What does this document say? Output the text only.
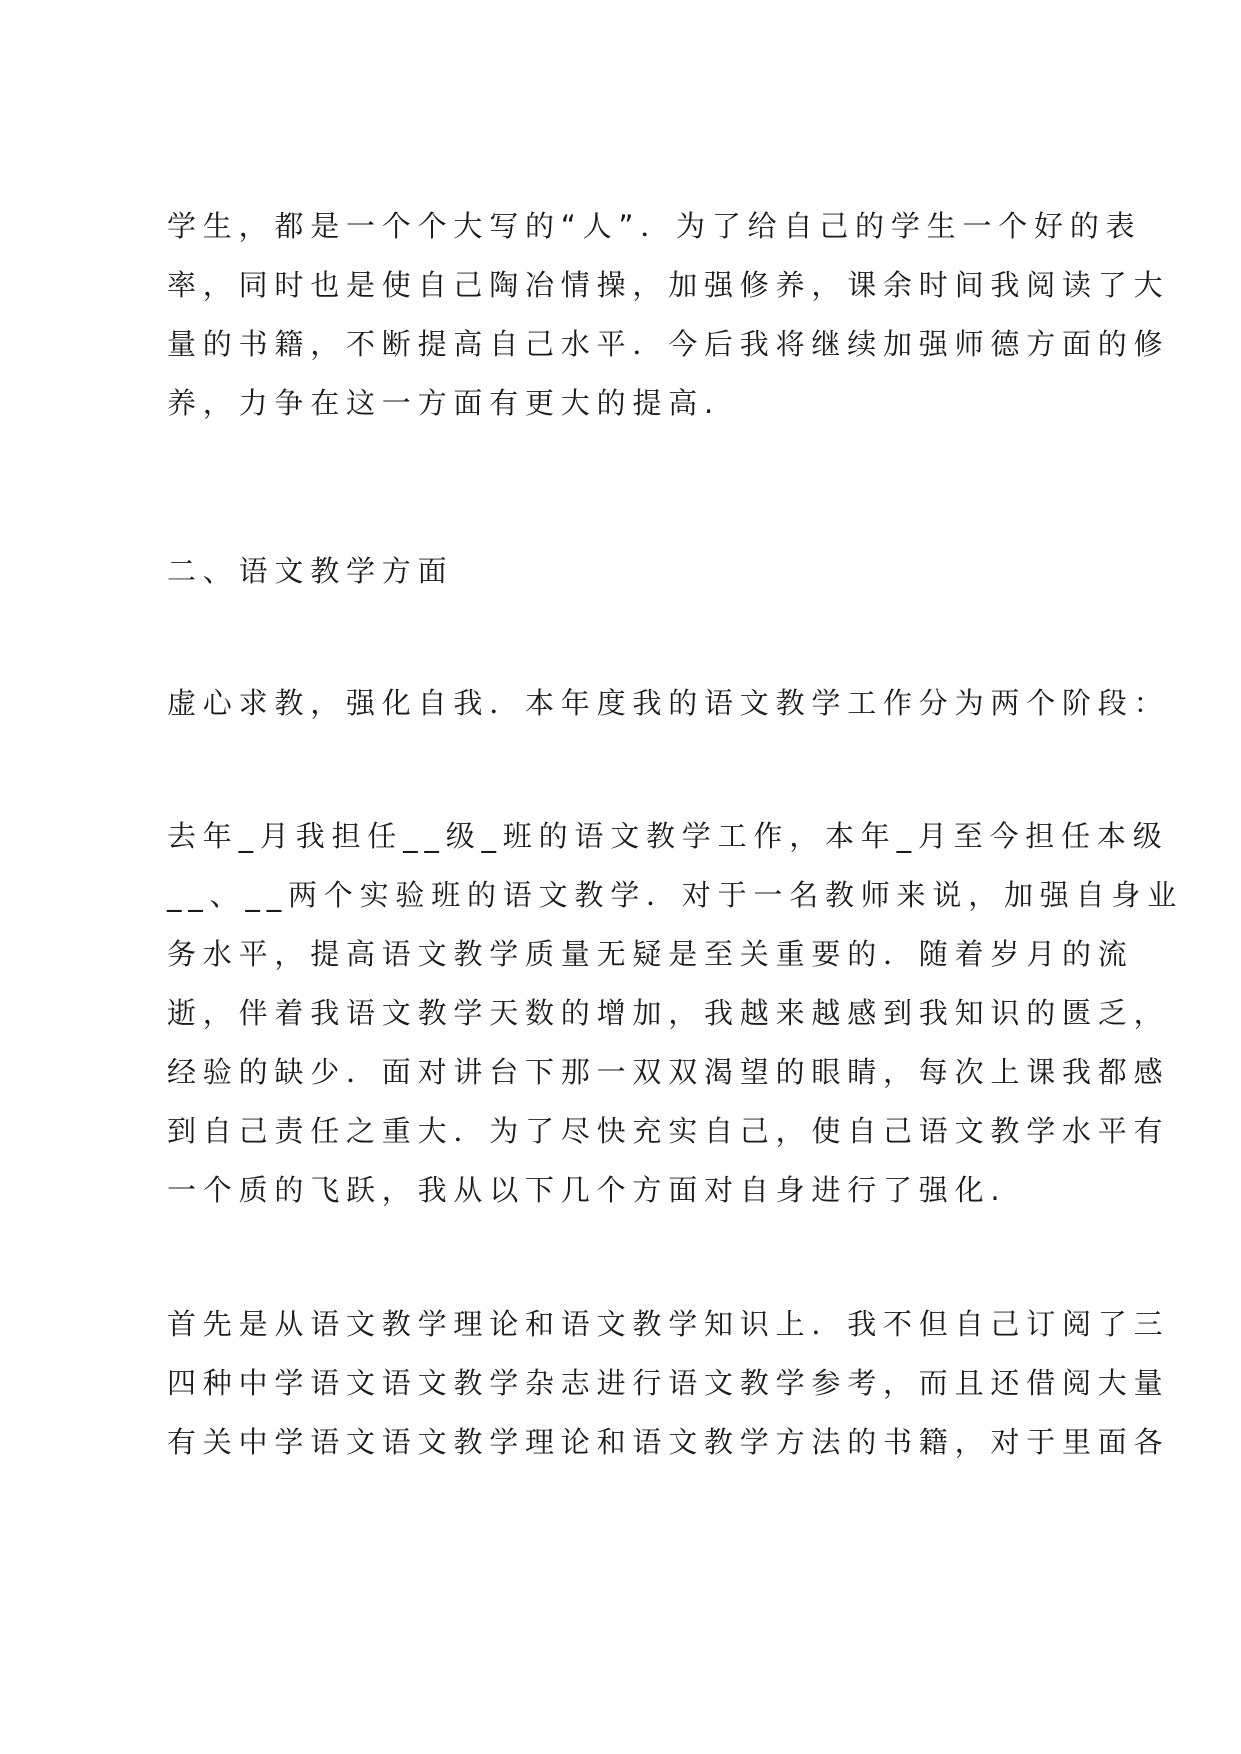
学生，都是一个个大写的“人”．为了给自己的学生一个好的表

率，同时也是使自己陶冶情操，加强修养，课余时间我阅读了大

量的书籍，不断提高自己水平．今后我将继续加强师德方面的修

养，力争在这一方面有更大的提高.

二、语文教学方面

虚心求教，强化自我．本年度我的语文教学工作分为两个阶段：

去年_月我担任__级_班的语文教学工作，本年_月至今担任本级

__、__两个实验班的语文教学．对于一名教师来说，加强自身业

务水平，提高语文教学质量无疑是至关重要的．随着岁月的流

逝，伴着我语文教学天数的增加，我越来越感到我知识的匮乏，

经验的缺少．面对讲台下那一双双渴望的眼睛，每次上课我都感

到自己责任之重大．为了尽快充实自己，使自己语文教学水平有

一个质的飞跃，我从以下几个方面对自身进行了强化.

首先是从语文教学理论和语文教学知识上．我不但自己订阅了三

四种中学语文语文教学杂志进行语文教学参考，而且还借阅大量

有关中学语文语文教学理论和语文教学方法的书籍，对于里面各
